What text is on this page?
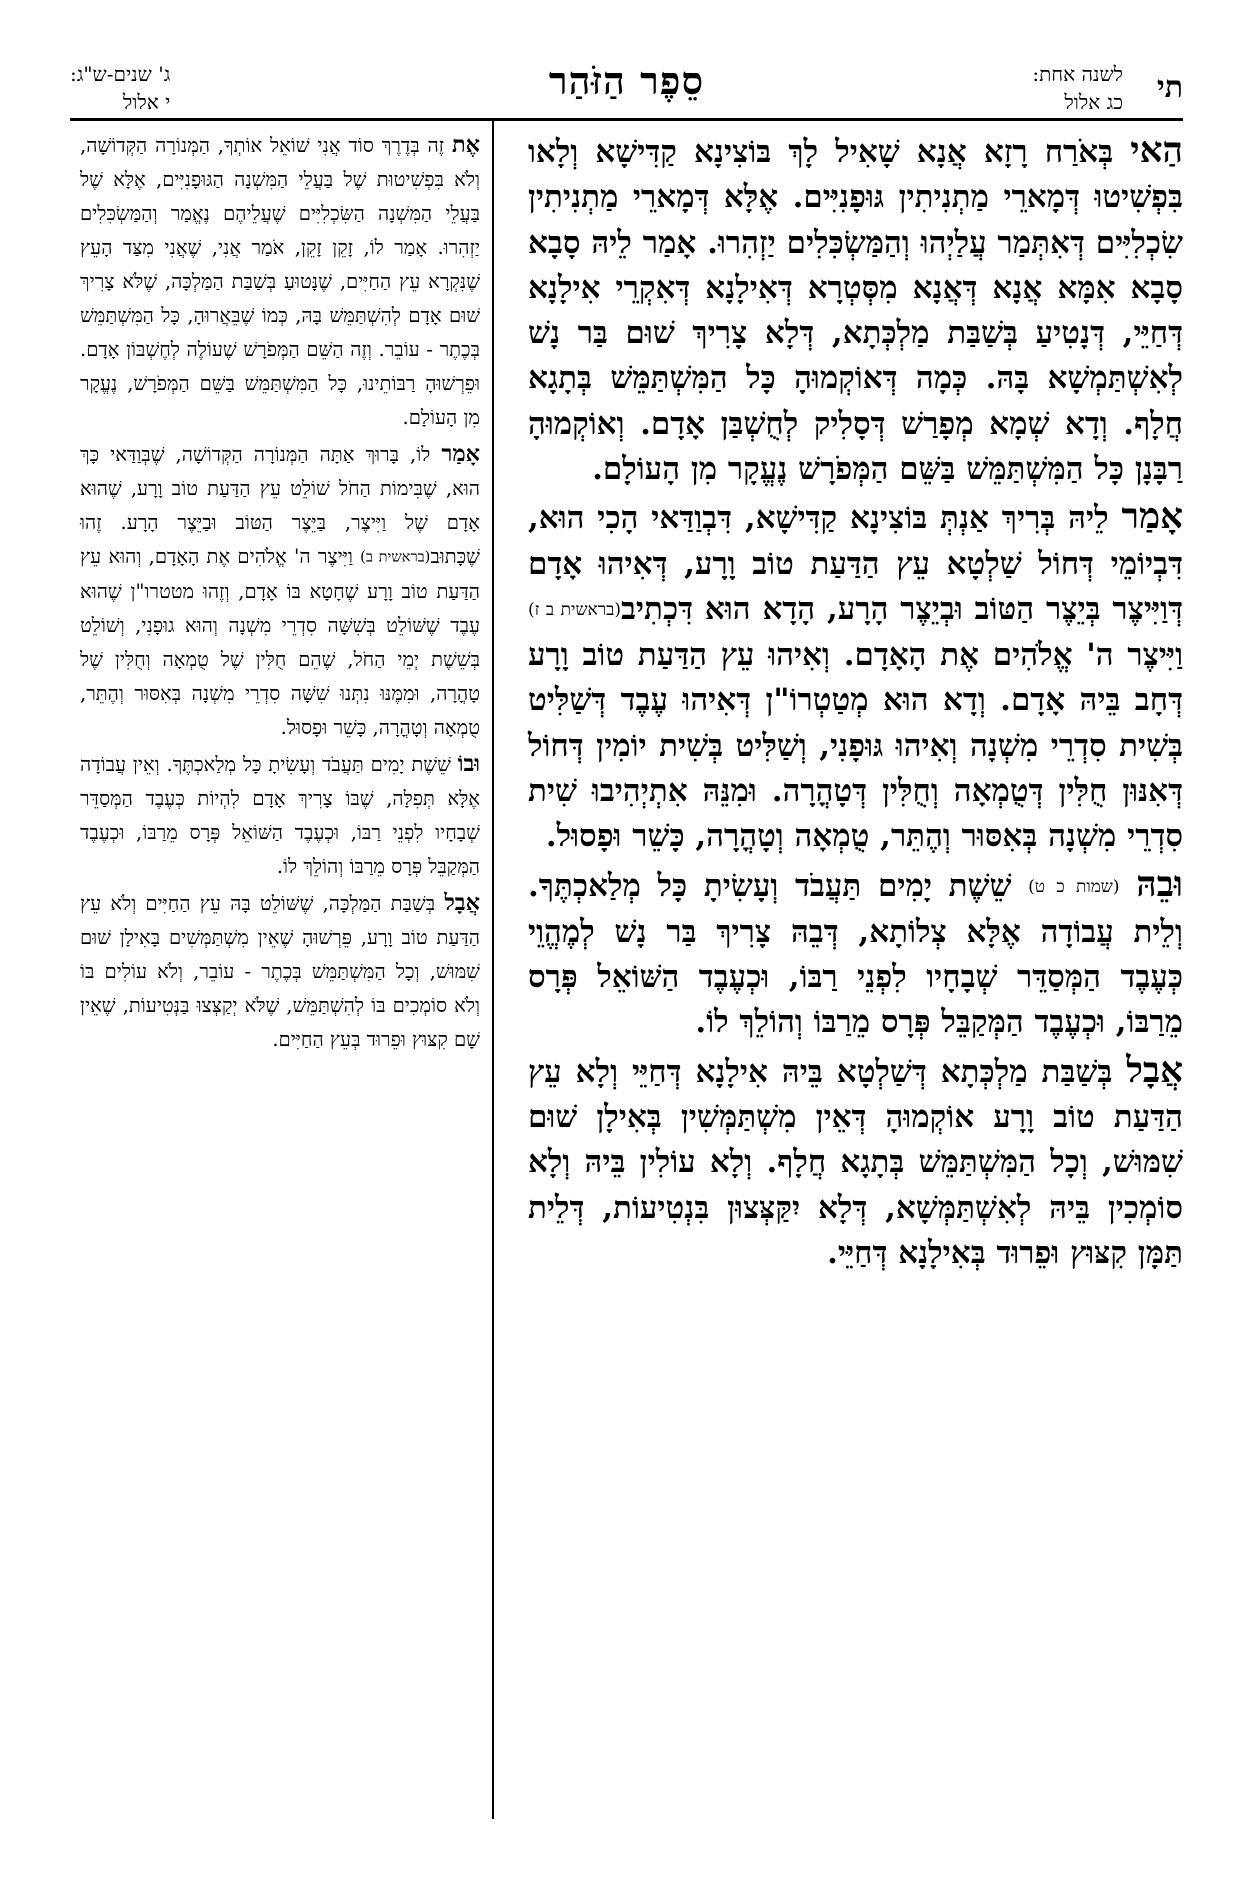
תי
לשנה אחת:
כג אלול
סֵפֶר הַזֹּהַר
ג' שנים-ש"ג:
י אלול

הַאי בְּאֹרַח רָזָא אֲנָא שָׁאִיל לָךְ בּוֹצִינָא קַדִּישָׁא וְלָאו בִּפְשִׁיטוּ דְּמָארֵי מַתְנִיתִין גּוּפָנִיִּים. אֶלָּא דְּמָארֵי מַתְנִיתִין שִׂכְלִיִּים דְּאִתְּמַר עֲלַיְהוּ וְהַמַּשְׂכִּלִים יַזְהִרוּ. אָמַר לֵיהּ סָבָא סָבָא אִמָּא אֲנָא דְּאֲנָא מִסְּטְרָא דְּאִילָנָא דְּאִקְרֵי אִילָנָא דְּחַיֵּי, דְּנָטִיעַ בְּשַׁבַּת מַלְכְּתָא, דְּלָא צָרִיךְ שׁוּם בַּר נָשׁ לְאִשְׁתַּמְשָׁא בָּהּ. כְּמָה דְּאוֹקְמוּהָ כָּל הַמִּשְׁתַּמֵּשׁ בְּתָגָא חֲלָף. וְדָא שְׁמָא מְפָרַשׁ דְּסָלִיק לְחֻשְׁבַּן אָדָם. וְאוֹקְמוּהָ רַבָּנָן כָּל הַמִּשְׁתַּמֵּשׁ בַּשֵּׁם הַמְּפֹרָשׁ נֶעֱקָר מִן הָעוֹלָם.

אָמַר לֵיהּ בְּרִיךְ אַנְתְּ בּוֹצִינָא קַדִּישָׁא, דִּבְוַדַּאי הָכִי הוּא, דִּבְיוֹמֵי דְּחוֹל שַׁלְטָא עֵץ הַדַּעַת טוֹב וָרָע, דְּאִיהוּ אָדָם דְּוַיִּיצֶר בְּיֵצֶר הַטּוֹב וּבְיֵצֶר הָרָע, הָדָא הוּא דִּכְתִיב(בראשית ב ז) וַיִּיצֶר ה' אֱלֹהִים אֶת הָאָדָם. וְאִיהוּ עֵץ הַדַּעַת טוֹב וָרָע דְּחָב בֵּיהּ אָדָם. וְדָא הוּא מְטַטְרוֹ"ן דְּאִיהוּ עֶבֶד דְּשַׁלִּיט בְּשִׁית סִדְרֵי מִשְׁנָה וְאִיהוּ גּוּפָנִי, וְשַׁלִּיט בְּשִׁית יוֹמִין דְּחוֹל דְּאִנּוּן חֻלִּין דְּטֻמְאָה וְחֻלִּין דְּטָהֳרָה. וּמִנֵּהּ אִתְיְהִיבוּ שִׁית סִדְרֵי מִשְׁנָה בְּאִסּוּר וְהֶתֵּר, טֻמְאָה וְטָהֳרָה, כָּשֵׁר וּפָסוּל.

וּבֵהּ (שמות כ ט) שֵׁשֶׁת יָמִים תַּעֲבֹד וְעָשִׂיתָ כָּל מְלַאכְתֶּךָ. וְלֵית עֲבוֹדָה אֶלָּא צְלוֹתָא, דְּבֵהּ צָרִיךְ בַּר נָשׁ לְמֶהֱוֵי כְּעֶבֶד הַמְּסַדֵּר שְׁבָחָיו לִפְנֵי רַבּוֹ, וּכְעֶבֶד הַשּׁוֹאֵל פְּרָס מֵרַבּוֹ, וּכְעֶבֶד הַמְּקַבֵּל פְּרָס מֵרַבּוֹ וְהוֹלֵךְ לוֹ.

אֲבָל בְּשַׁבַּת מַלְכְּתָא דְּשַׁלְטָא בֵּיהּ אִילָנָא דְּחַיֵּי וְלָא עֵץ הַדַּעַת טוֹב וָרָע אוֹקְמוּהָ דְּאֵין מִשְׁתַּמְּשִׁין בְּאִילָן שׁוּם שִׁמּוּשׁ, וְכָל הַמִּשְׁתַּמֵּשׁ בְּתָגָא חֲלָף. וְלָא עוֹלִין בֵּיהּ וְלָא סוֹמְכִין בֵּיהּ לְאִשְׁתַּמְּשָׁא, דְּלָא יִקַּצְּצוּן בִּנְטִיעוֹת, דְּלֵית תַּמָּן קִצּוּץ וּפֵרוּד בְּאִילָנָא דְּחַיֵּי.

אֶת זֶה בְּדֶרֶךְ סוֹד אֲנִי שׁוֹאֵל אוֹתְךָ, הַמְּנוֹרָה הַקְּדוֹשָׁה, וְלֹא בִּפְשִׁיטוּת שֶׁל בַּעֲלֵי הַמִּשְׁנָה הַגּוּפָנִיִּים, אֶלָּא שֶׁל בַּעֲלֵי הַמִּשְׁנָה הַשִּׂכְלִיִּים שֶׁעֲלֵיהֶם נֶאֱמַר וְהַמַּשְׂכִּלִים יַזְהִרוּ. אָמַר לוֹ, זָקֵן זָקֵן, אֹמַר אֲנִי, שֶׁאֲנִי מִצַּד הָעֵץ שֶׁנִּקְרָא עֵץ הַחַיִּים, שֶׁנָּטוּעַ בְּשַׁבַּת הַמַּלְכָּה, שֶׁלֹּא צָרִיךְ שׁוּם אָדָם לְהִשְׁתַּמֵּשׁ בָּהּ, כְּמוֹ שֶׁבֵּאֲרוּהָ, כָּל הַמִּשְׁתַּמֵּשׁ בְּכֶתֶר - עוֹבֵר. וְזֶה הַשֵּׁם הַמְּפֹרָשׁ שֶׁעוֹלֶה לְחֶשְׁבּוֹן אָדָם. וּפֵרְשׁוּהָ רַבּוֹתֵינוּ, כָּל הַמִּשְׁתַּמֵּשׁ בַּשֵּׁם הַמְּפֹרָשׁ, נֶעֱקָר מִן הָעוֹלָם.

אָמַר לוֹ, בָּרוּךְ אַתָּה הַמְּנוֹרָה הַקְּדוֹשָׁה, שֶׁבְּוַדַּאי כָּךְ הוּא, שֶׁבִּימוֹת הַחֹל שׁוֹלֵט עֵץ הַדַּעַת טוֹב וָרָע, שֶׁהוּא אָדָם שֶׁל וַיִּיצֶר, בַּיֵּצֶר הַטּוֹב וּבַיֵּצֶר הָרָע. זֶהוּ שֶׁכָּתוּב(בראשית ב) וַיִּיצֶר ה' אֱלֹהִים אֶת הָאָדָם, וְהוּא עֵץ הַדַּעַת טוֹב וָרָע שֶׁחָטָא בּוֹ אָדָם, וְזֶהוּ מטטרו"ן שֶׁהוּא עֶבֶד שֶׁשּׁוֹלֵט בְּשִׁשָּׁה סִדְרֵי מִשְׁנָה וְהוּא גוּפָנִי, וְשׁוֹלֵט בְּשֵׁשֶׁת יְמֵי הַחֹל, שֶׁהֵם חֻלִּין שֶׁל טֻמְאָה וְחֻלִּין שֶׁל טָהֳרָה, וּמִמֶּנּוּ נִתְּנוּ שִׁשָּׁה סִדְרֵי מִשְׁנָה בְּאִסּוּר וְהֶתֵּר, טֻמְאָה וְטָהֳרָה, כָּשֵׁר וּפָסוּל.

וּבוֹ שֵׁשֶׁת יָמִים תַּעֲבֹד וְעָשִׂיתָ כָּל מְלַאכְתֶּךָ. וְאֵין עֲבוֹדָה אֶלָּא תְּפִלָּה, שֶׁבּוֹ צָרִיךְ אָדָם לִהְיוֹת כְּעֶבֶד הַמְּסַדֵּר שְׁבָחָיו לִפְנֵי רַבּוֹ, וּכְעֶבֶד הַשּׁוֹאֵל פְּרָס מֵרַבּוֹ, וּכְעֶבֶד הַמְּקַבֵּל פְּרָס מֵרַבּוֹ וְהוֹלֵךְ לוֹ.

אֲבָל בְּשַׁבַּת הַמַּלְכָּה, שֶׁשּׁוֹלֵט בָּהּ עֵץ הַחַיִּים וְלֹא עֵץ הַדַּעַת טוֹב וָרָע, פֵּרְשׁוּהָ שֶׁאֵין מִשְׁתַּמְּשִׁים בָּאִילָן שׁוּם שִׁמּוּשׁ, וְכָל הַמִּשְׁתַּמֵּשׁ בְּכֶתֶר - עוֹבֵר, וְלֹא עוֹלִים בּוֹ וְלֹא סוֹמְכִים בּוֹ לְהִשְׁתַּמֵּשׁ, שֶׁלֹּא יְקַצְּצוּ בַּנְּטִיעוֹת, שֶׁאֵין שָׁם קִצּוּץ וּפֵרוּד בְּעֵץ הַחַיִּים.
